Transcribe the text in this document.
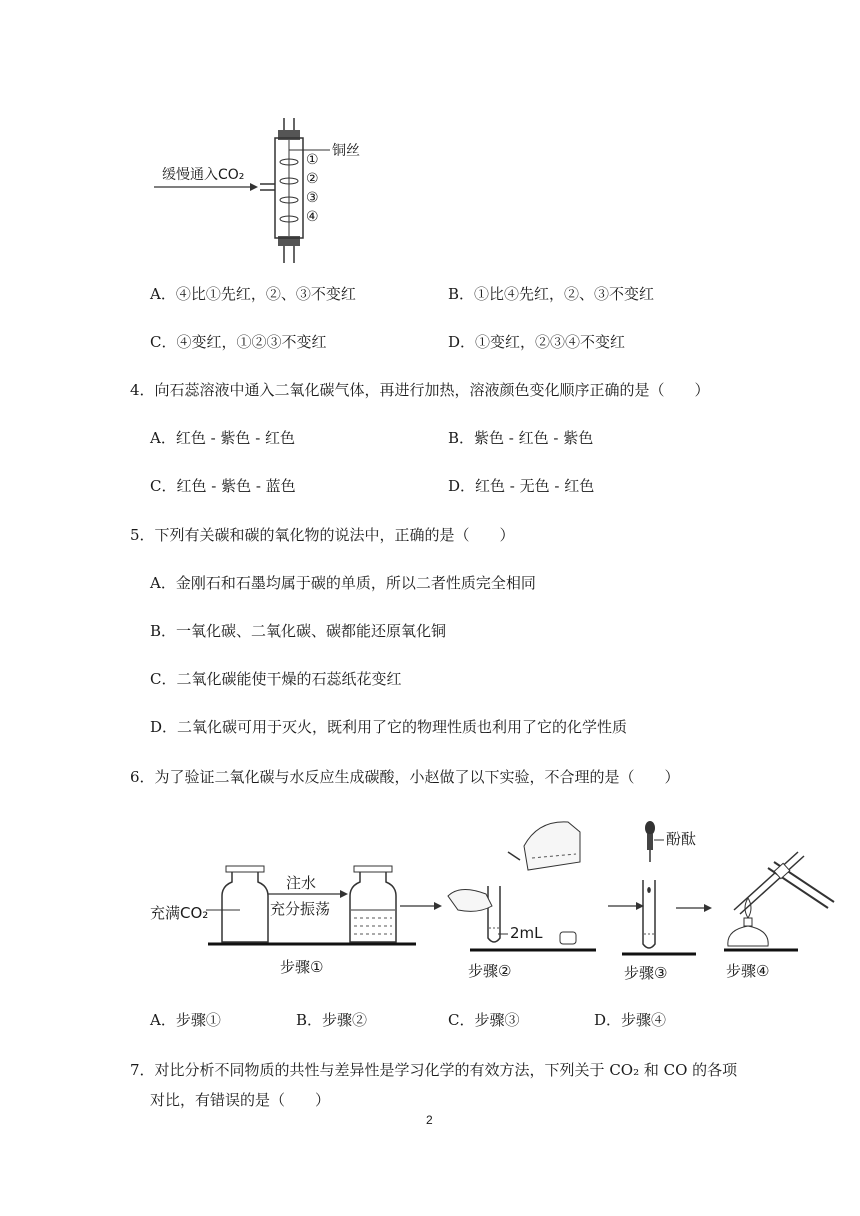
缓慢通入CO₂
铜丝
①
②
③
④
A．④比①先红，②、③不变红	B．①比④先红，②、③不变红
C．④变红，①②③不变红	D．①变红，②③④不变红
4．向石蕊溶液中通入二氧化碳气体，再进行加热，溶液颜色变化顺序正确的是（　　）
A．红色 - 紫色 - 红色	B．紫色 - 红色 - 紫色
C．红色 - 紫色 - 蓝色	D．红色 - 无色 - 红色
5．下列有关碳和碳的氧化物的说法中，正确的是（　　）
A．金刚石和石墨均属于碳的单质，所以二者性质完全相同
B．一氧化碳、二氧化碳、碳都能还原氧化铜
C．二氧化碳能使干燥的石蕊纸花变红
D．二氧化碳可用于灭火，既利用了它的物理性质也利用了它的化学性质
6．为了验证二氧化碳与水反应生成碳酸，小赵做了以下实验，不合理的是（　　）
充满CO₂
注水
充分振荡
2mL
酚酞
步骤①	步骤②	步骤③	步骤④
A．步骤①	B．步骤②	C．步骤③	D．步骤④
7．对比分析不同物质的共性与差异性是学习化学的有效方法，下列关于 CO₂ 和 CO 的各项
对比，有错误的是（　　）
2
